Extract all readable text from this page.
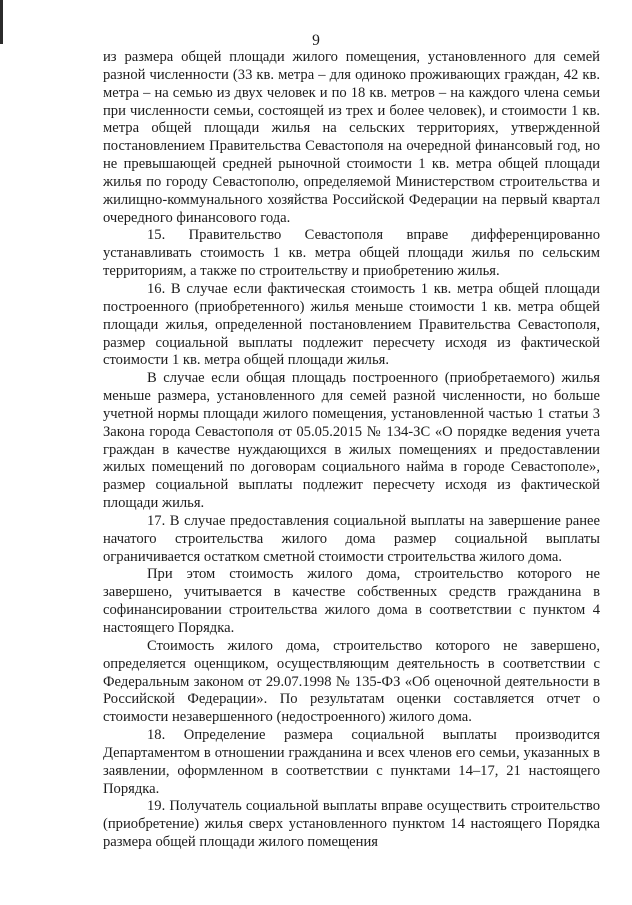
9

из размера общей площади жилого помещения, установленного для семей разной численности (33 кв. метра – для одиноко проживающих граждан, 42 кв. метра – на семью из двух человек и по 18 кв. метров – на каждого члена семьи при численности семьи, состоящей из трех и более человек), и стоимости 1 кв. метра общей площади жилья на сельских территориях, утвержденной постановлением Правительства Севастополя на очередной финансовый год, но не превышающей средней рыночной стоимости 1 кв. метра общей площади жилья по городу Севастополю, определяемой Министерством строительства и жилищно-коммунального хозяйства Российской Федерации на первый квартал очередного финансового года.

15. Правительство Севастополя вправе дифференцированно устанавливать стоимость 1 кв. метра общей площади жилья по сельским территориям, а также по строительству и приобретению жилья.

16. В случае если фактическая стоимость 1 кв. метра общей площади построенного (приобретенного) жилья меньше стоимости 1 кв. метра общей площади жилья, определенной постановлением Правительства Севастополя, размер социальной выплаты подлежит пересчету исходя из фактической стоимости 1 кв. метра общей площади жилья.

В случае если общая площадь построенного (приобретаемого) жилья меньше размера, установленного для семей разной численности, но больше учетной нормы площади жилого помещения, установленной частью 1 статьи 3 Закона города Севастополя от 05.05.2015 № 134-ЗС «О порядке ведения учета граждан в качестве нуждающихся в жилых помещениях и предоставлении жилых помещений по договорам социального найма в городе Севастополе», размер социальной выплаты подлежит пересчету исходя из фактической площади жилья.

17. В случае предоставления социальной выплаты на завершение ранее начатого строительства жилого дома размер социальной выплаты ограничивается остатком сметной стоимости строительства жилого дома.

При этом стоимость жилого дома, строительство которого не завершено, учитывается в качестве собственных средств гражданина в софинансировании строительства жилого дома в соответствии с пунктом 4 настоящего Порядка.

Стоимость жилого дома, строительство которого не завершено, определяется оценщиком, осуществляющим деятельность в соответствии с Федеральным законом от 29.07.1998 № 135-ФЗ «Об оценочной деятельности в Российской Федерации». По результатам оценки составляется отчет о стоимости незавершенного (недостроенного) жилого дома.

18. Определение размера социальной выплаты производится Департаментом в отношении гражданина и всех членов его семьи, указанных в заявлении, оформленном в соответствии с пунктами 14–17, 21 настоящего Порядка.

19. Получатель социальной выплаты вправе осуществить строительство (приобретение) жилья сверх установленного пунктом 14 настоящего Порядка размера общей площади жилого помещения
